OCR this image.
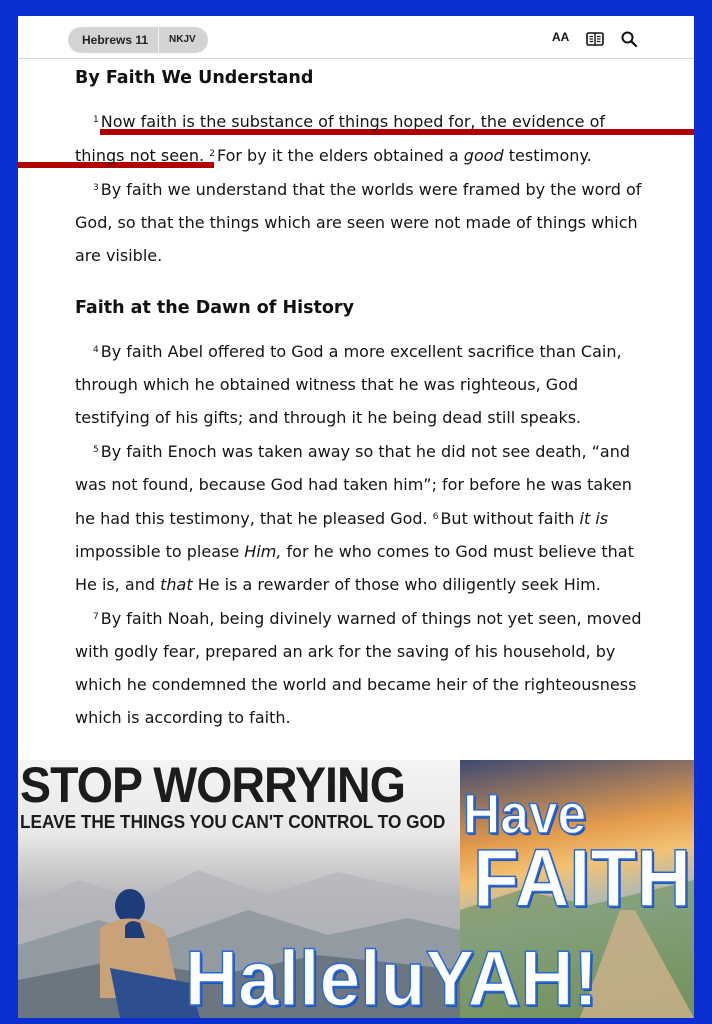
Hebrews 11	NKJV	AA
By Faith We Understand

$^1$ Now faith is the substance of things hoped for, the evidence of things not seen. $^2$ For by it the elders obtained a good testimony.

$^3$ By faith we understand that the worlds were framed by the word of God, so that the things which are seen were not made of things which are visible.

Faith at the Dawn of History

$^4$ By faith Abel offered to God a more excellent sacrifice than Cain, through which he obtained witness that he was righteous, God testifying of his gifts; and through it he being dead still speaks.

$^5$ By faith Enoch was taken away so that he did not see death, “and was not found, because God had taken him”; for before he was taken he had this testimony, that he pleased God. $^6$ But without faith it is impossible to please Him, for he who comes to God must believe that He is, and that He is a rewarder of those who diligently seek Him.

$^7$ By faith Noah, being divinely warned of things not yet seen, moved with godly fear, prepared an ark for the saving of his household, by which he condemned the world and became heir of the righteousness which is according to faith.

STOP WORRYING
LEAVE THE THINGS YOU CAN'T CONTROL TO GOD Have
FAITH
HalleluYAH!
